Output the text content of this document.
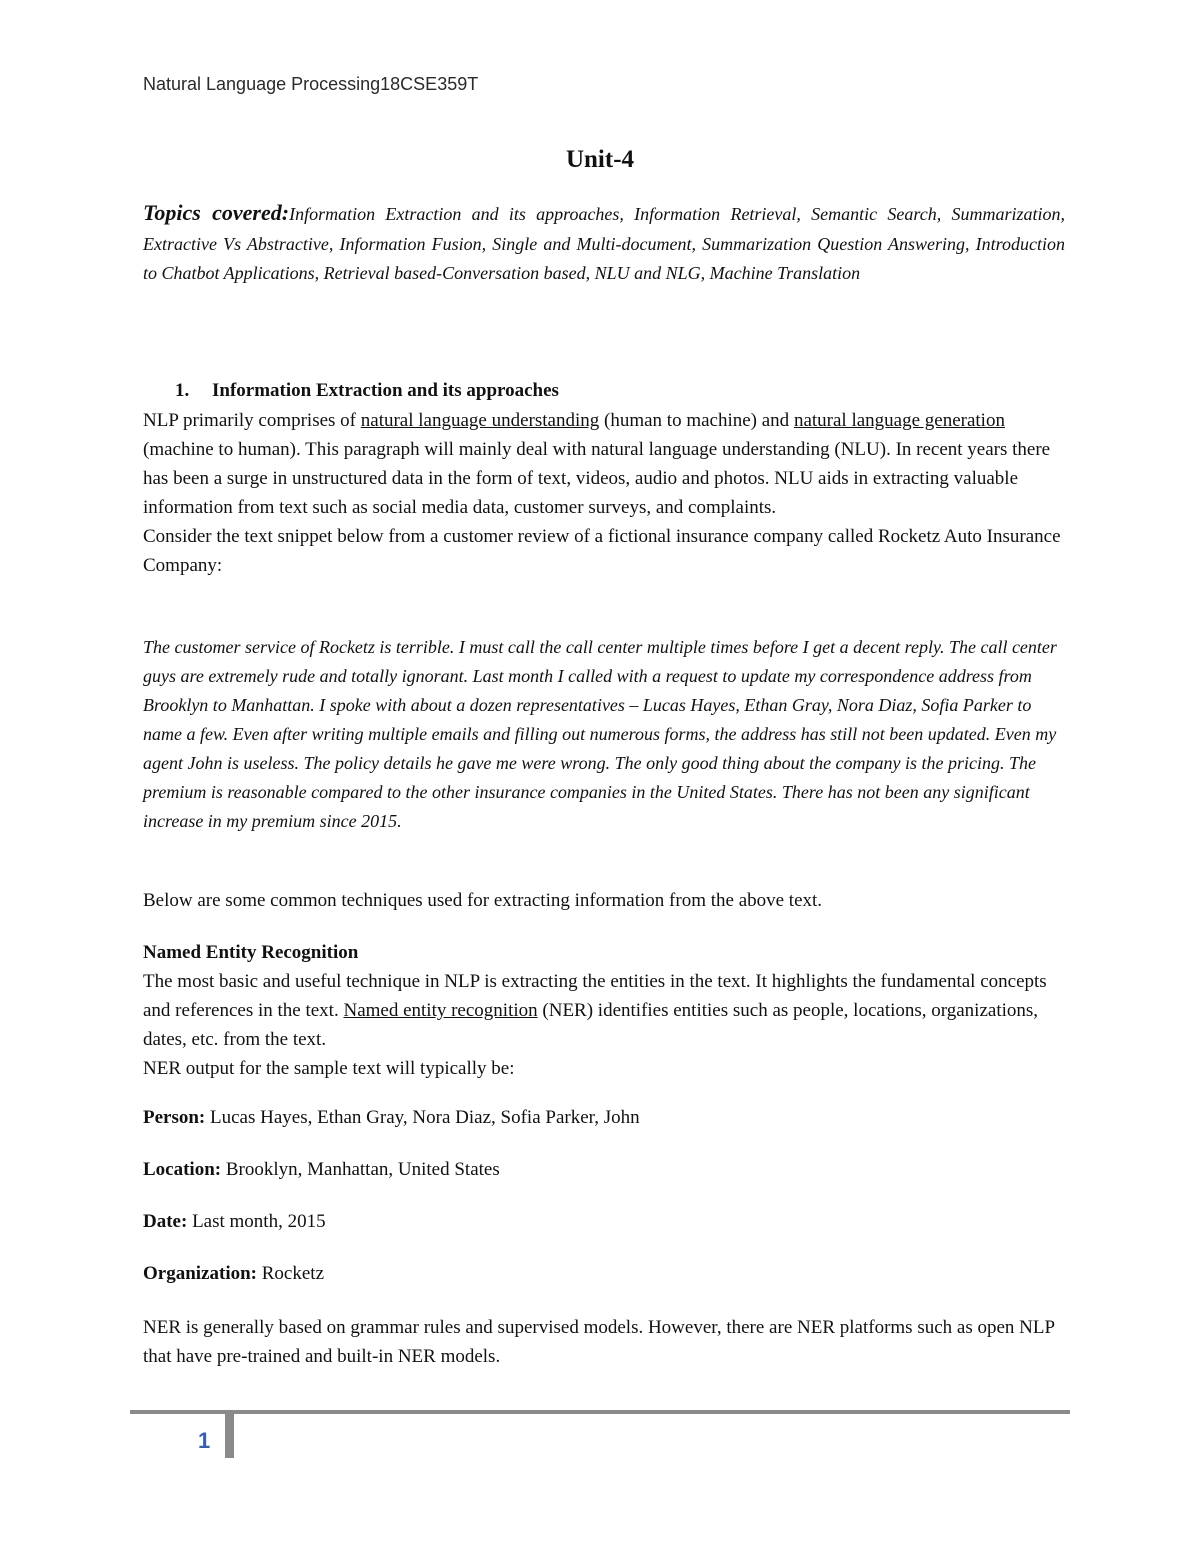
Natural Language Processing18CSE359T
Unit-4
Topics covered:Information Extraction and its approaches, Information Retrieval, Semantic Search, Summarization, Extractive Vs Abstractive, Information Fusion, Single and Multi-document, Summarization Question Answering, Introduction to Chatbot Applications, Retrieval based-Conversation based, NLU and NLG, Machine Translation
1. Information Extraction and its approaches
NLP primarily comprises of natural language understanding (human to machine) and natural language generation (machine to human). This paragraph will mainly deal with natural language understanding (NLU). In recent years there has been a surge in unstructured data in the form of text, videos, audio and photos. NLU aids in extracting valuable information from text such as social media data, customer surveys, and complaints.
Consider the text snippet below from a customer review of a fictional insurance company called Rocketz Auto Insurance Company:
The customer service of Rocketz is terrible. I must call the call center multiple times before I get a decent reply. The call center guys are extremely rude and totally ignorant. Last month I called with a request to update my correspondence address from Brooklyn to Manhattan. I spoke with about a dozen representatives – Lucas Hayes, Ethan Gray, Nora Diaz, Sofia Parker to name a few. Even after writing multiple emails and filling out numerous forms, the address has still not been updated. Even my agent John is useless. The policy details he gave me were wrong. The only good thing about the company is the pricing. The premium is reasonable compared to the other insurance companies in the United States. There has not been any significant increase in my premium since 2015.
Below are some common techniques used for extracting information from the above text.
Named Entity Recognition
The most basic and useful technique in NLP is extracting the entities in the text. It highlights the fundamental concepts and references in the text. Named entity recognition (NER) identifies entities such as people, locations, organizations, dates, etc. from the text.
NER output for the sample text will typically be:
Person: Lucas Hayes, Ethan Gray, Nora Diaz, Sofia Parker, John
Location: Brooklyn, Manhattan, United States
Date: Last month, 2015
Organization: Rocketz
NER is generally based on grammar rules and supervised models. However, there are NER platforms such as open NLP that have pre-trained and built-in NER models.
1
